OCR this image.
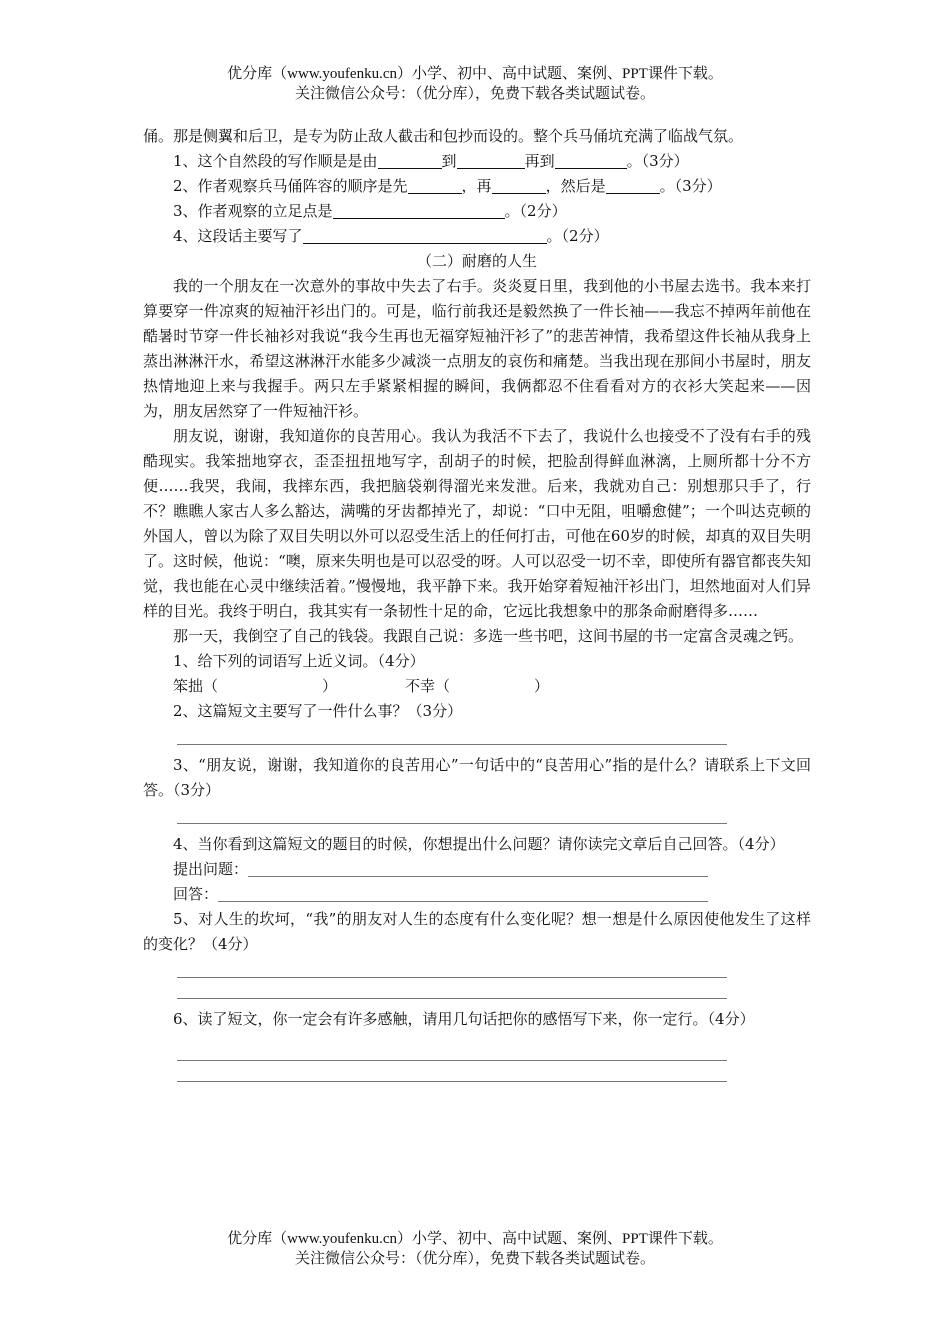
优分库（www.youfenku.cn）小学、初中、高中试题、案例、PPT课件下载。
关注微信公众号：（优分库），免费下载各类试题试卷。

俑。那是侧翼和后卫，是专为防止敌人截击和包抄而设的。整个兵马俑坑充满了临战气氛。

1、这个自然段的写作顺是是由	到	再到	。（3分）

2、作者观察兵马俑阵容的顺序是先	，再	，然后是	。（3分）

3、作者观察的立足点是	。（2分）

4、这段话主要写了	。（2分）

（二）耐磨的人生

我的一个朋友在一次意外的事故中失去了右手。炎炎夏日里，我到他的小书屋去选书。我本来打算要穿一件凉爽的短袖汗衫出门的。可是，临行前我还是毅然换了一件长袖——我忘不掉两年前他在酷暑时节穿一件长袖衫对我说“我今生再也无福穿短袖汗衫了”的悲苦神情，我希望这件长袖从我身上蒸出淋淋汗水，希望这淋淋汗水能多少减淡一点朋友的哀伤和痛楚。当我出现在那间小书屋时，朋友热情地迎上来与我握手。两只左手紧紧相握的瞬间，我俩都忍不住看看对方的衣衫大笑起来——因为，朋友居然穿了一件短袖汗衫。

朋友说，谢谢，我知道你的良苦用心。我认为我活不下去了，我说什么也接受不了没有右手的残酷现实。我笨拙地穿衣，歪歪扭扭地写字，刮胡子的时候，把脸刮得鲜血淋漓，上厕所都十分不方便……我哭，我闹，我摔东西，我把脑袋剃得溜光来发泄。后来，我就劝自己：别想那只手了，行不？瞧瞧人家古人多么豁达，满嘴的牙齿都掉光了，却说：“口中无阻，咀嚼愈健”；一个叫达克顿的外国人，曾以为除了双目失明以外可以忍受生活上的任何打击，可他在60岁的时候，却真的双目失明了。这时候，他说：“噢，原来失明也是可以忍受的呀。人可以忍受一切不幸，即使所有器官都丧失知觉，我也能在心灵中继续活着。”慢慢地，我平静下来。我开始穿着短袖汗衫出门，坦然地面对人们异样的目光。我终于明白，我其实有一条韧性十足的命，它远比我想象中的那条命耐磨得多……

那一天，我倒空了自己的钱袋。我跟自己说：多选一些书吧，这间书屋的书一定富含灵魂之钙。

1、给下列的词语写上近义词。（4分）

笨拙（	）	不幸（	）

2、这篇短文主要写了一件什么事？（3分）

3、“朋友说，谢谢，我知道你的良苦用心”一句话中的“良苦用心”指的是什么？请联系上下文回答。（3分）

4、当你看到这篇短文的题目的时候，你想提出什么问题？请你读完文章后自己回答。（4分）

提出问题：

回答：

5、对人生的坎坷，“我”的朋友对人生的态度有什么变化呢？想一想是什么原因使他发生了这样的变化？（4分）

6、读了短文，你一定会有许多感触，请用几句话把你的感悟写下来，你一定行。（4分）

优分库（www.youfenku.cn）小学、初中、高中试题、案例、PPT课件下载。
关注微信公众号：（优分库），免费下载各类试题试卷。
